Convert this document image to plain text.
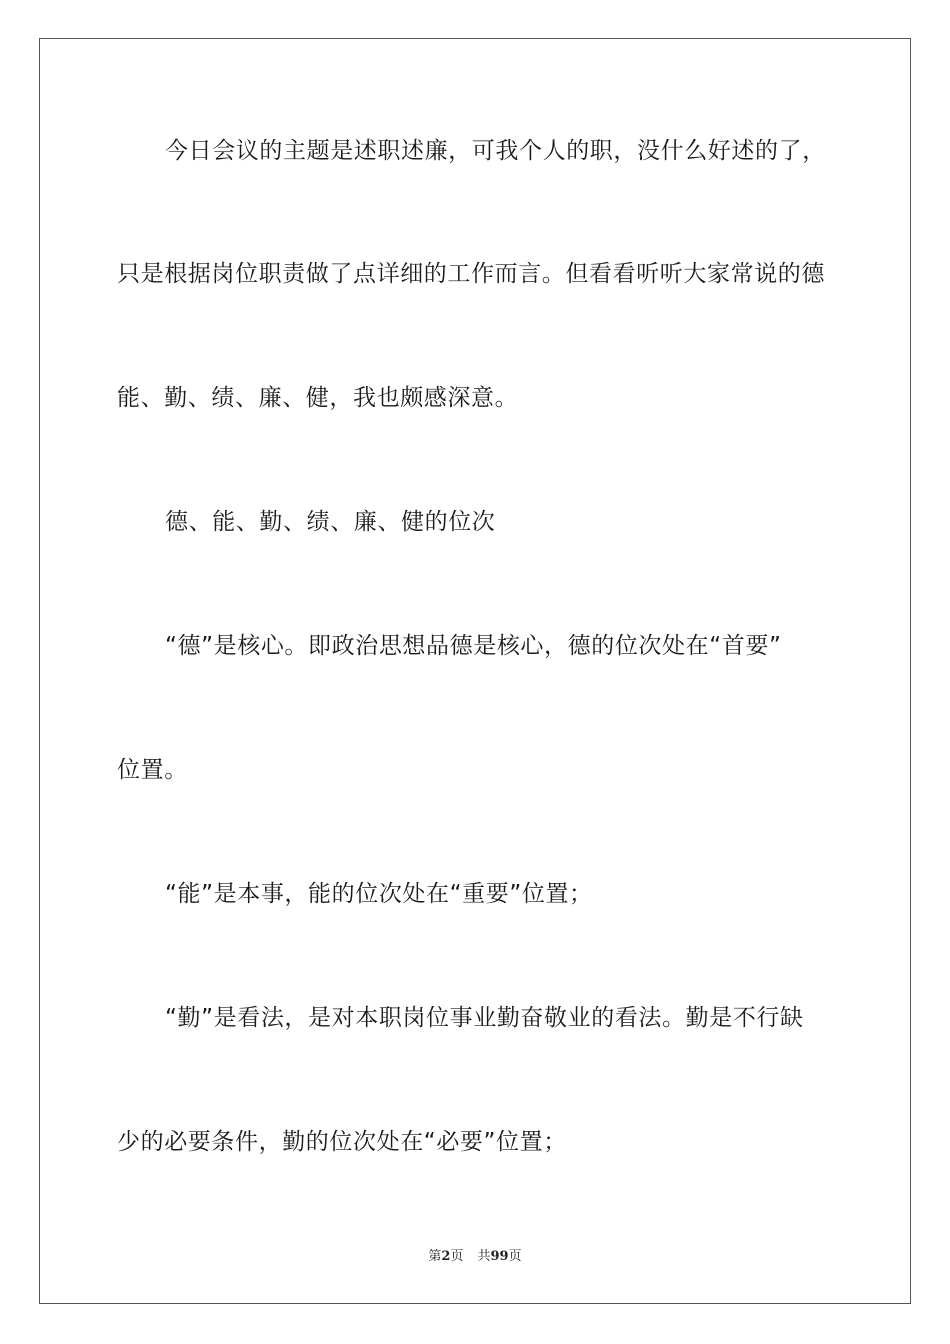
今日会议的主题是述职述廉，可我个人的职，没什么好述的了，
只是根据岗位职责做了点详细的工作而言。但看看听听大家常说的德
能、勤、绩、廉、健，我也颇感深意。
德、能、勤、绩、廉、健的位次
“德”是核心。即政治思想品德是核心，德的位次处在“首要”
位置。
“能”是本事，能的位次处在“重要”位置；
“勤”是看法，是对本职岗位事业勤奋敬业的看法。勤是不行缺
少的必要条件，勤的位次处在“必要”位置；
第2页 共99页
